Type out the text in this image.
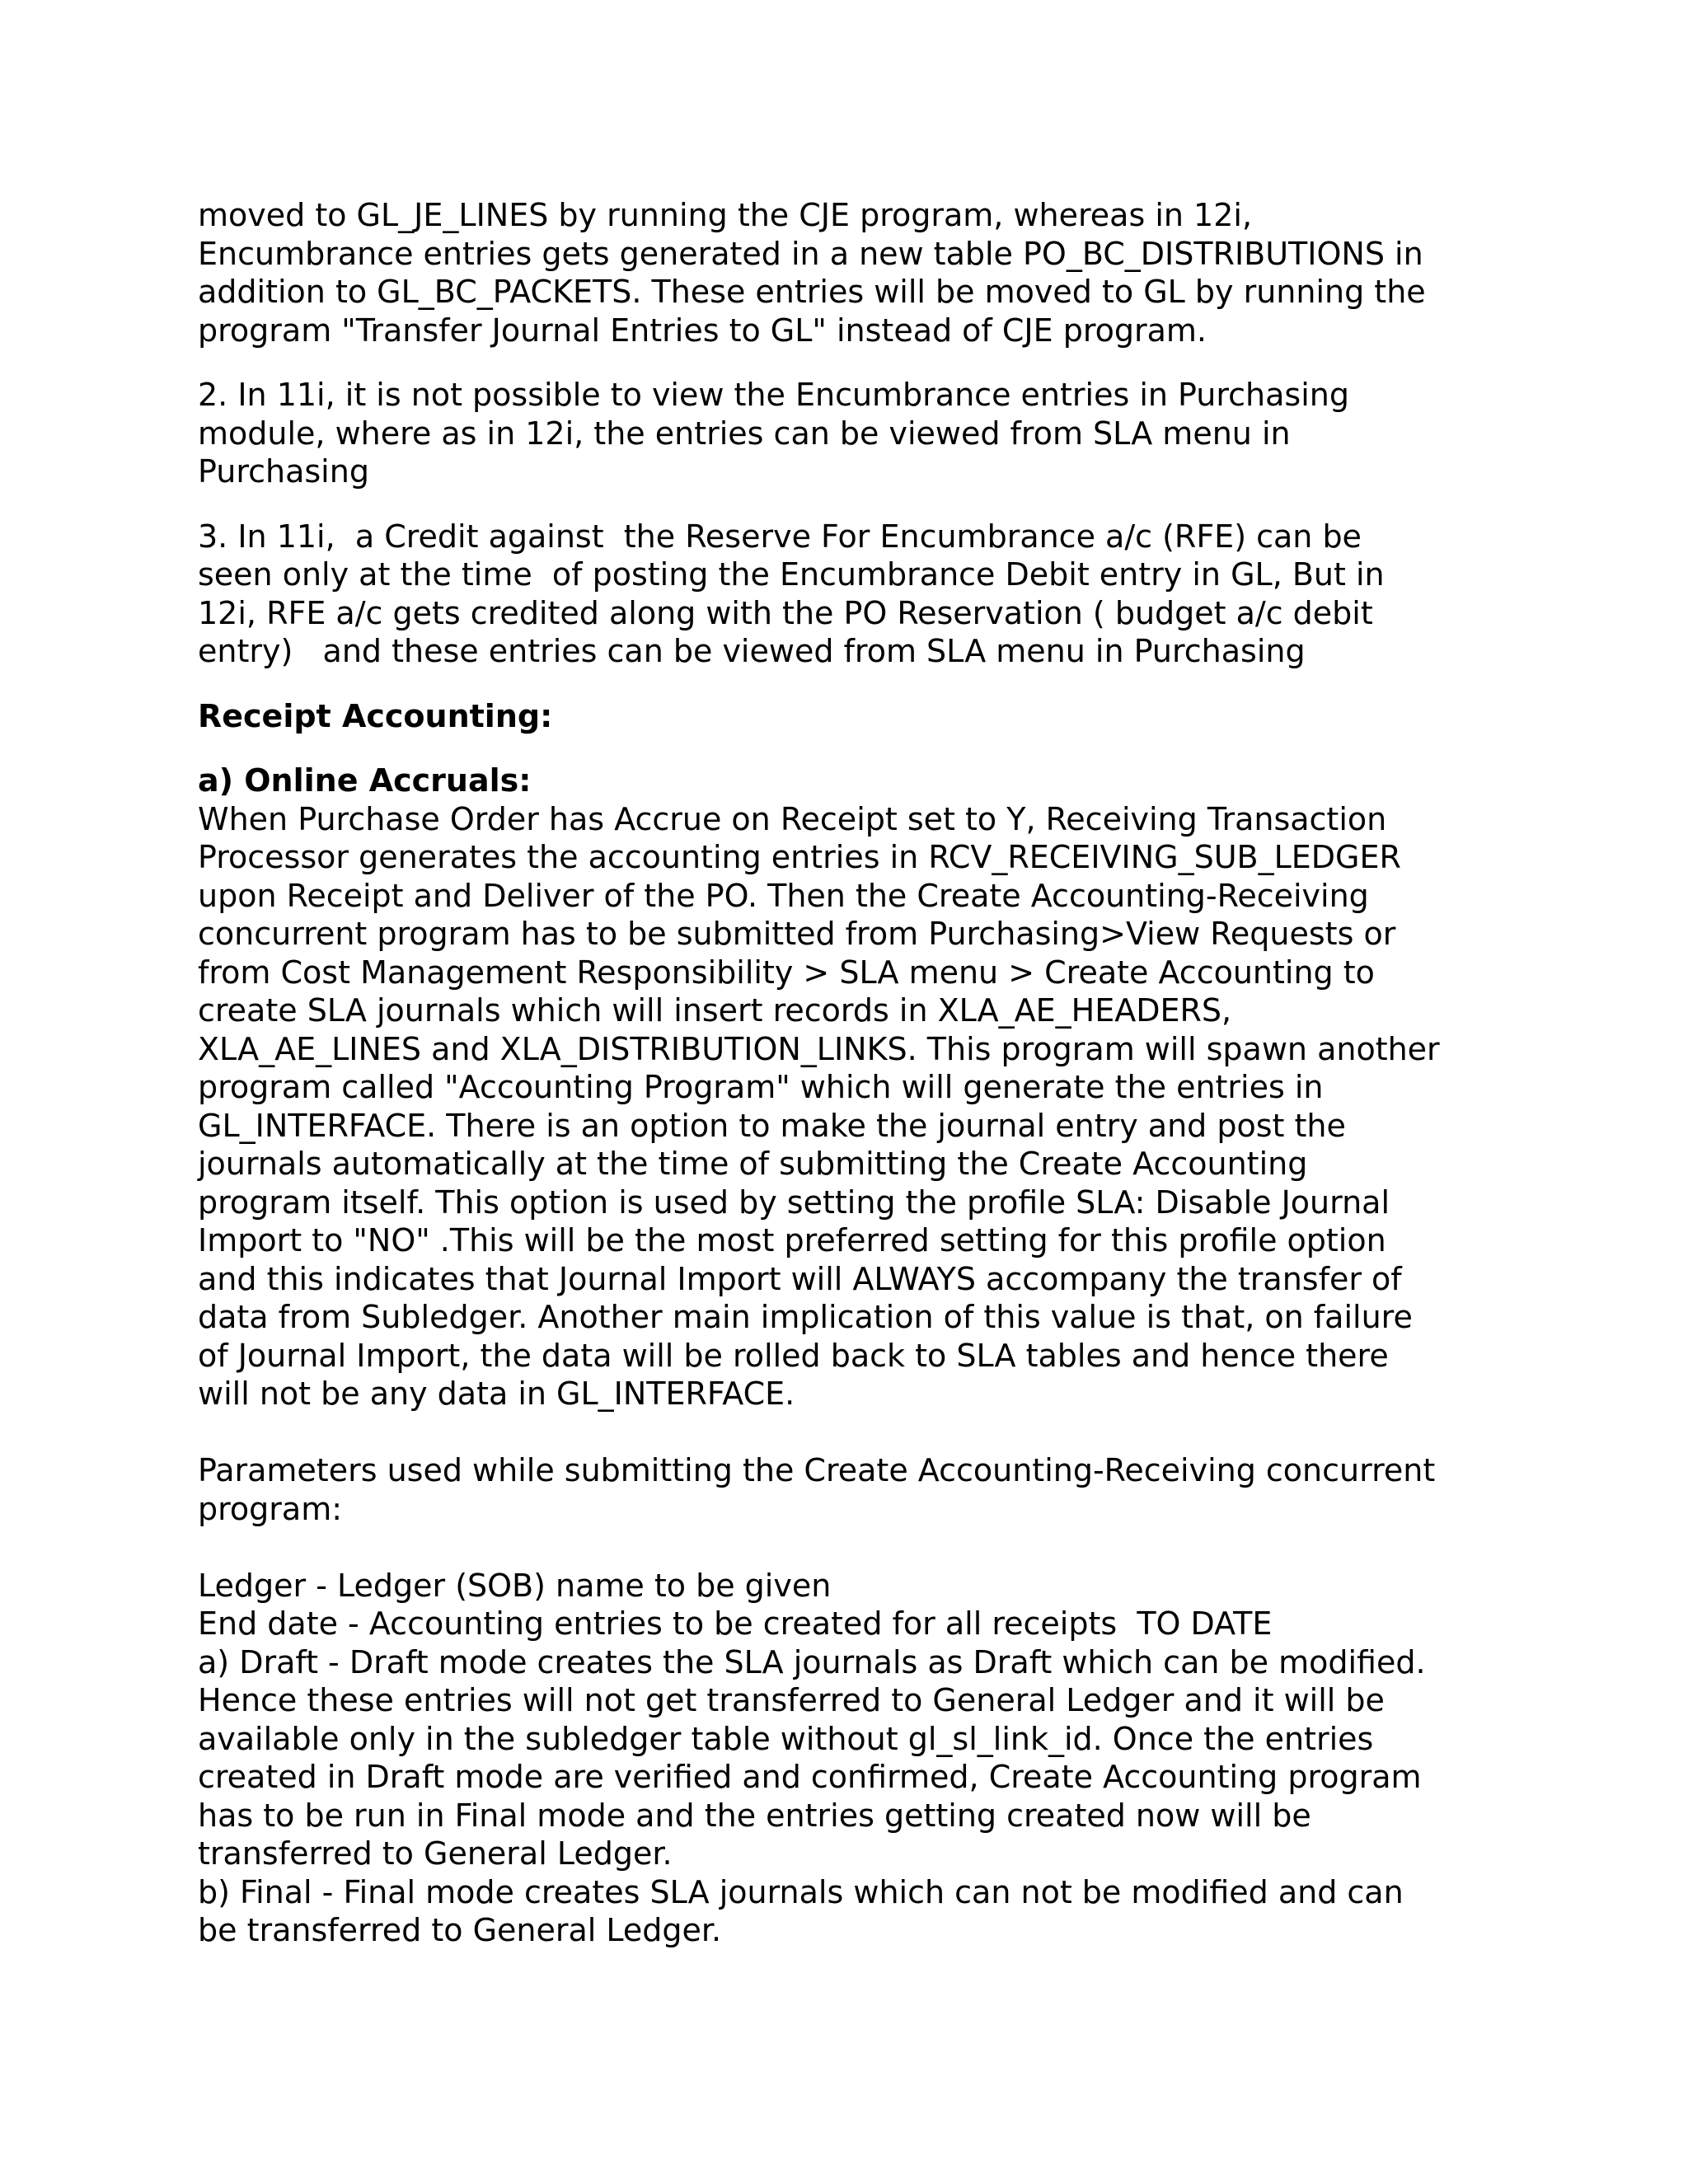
moved to GL_JE_LINES by running the CJE program, whereas in 12i,
Encumbrance entries gets generated in a new table PO_BC_DISTRIBUTIONS in
addition to GL_BC_PACKETS. These entries will be moved to GL by running the
program "Transfer Journal Entries to GL" instead of CJE program.
2. In 11i, it is not possible to view the Encumbrance entries in Purchasing
module, where as in 12i, the entries can be viewed from SLA menu in
Purchasing
3. In 11i,  a Credit against  the Reserve For Encumbrance a/c (RFE) can be
seen only at the time  of posting the Encumbrance Debit entry in GL, But in
12i, RFE a/c gets credited along with the PO Reservation ( budget a/c debit
entry)   and these entries can be viewed from SLA menu in Purchasing
Receipt Accounting:
a) Online Accruals:
When Purchase Order has Accrue on Receipt set to Y, Receiving Transaction
Processor generates the accounting entries in RCV_RECEIVING_SUB_LEDGER
upon Receipt and Deliver of the PO. Then the Create Accounting-Receiving
concurrent program has to be submitted from Purchasing>View Requests or
from Cost Management Responsibility > SLA menu > Create Accounting to
create SLA journals which will insert records in XLA_AE_HEADERS,
XLA_AE_LINES and XLA_DISTRIBUTION_LINKS. This program will spawn another
program called "Accounting Program" which will generate the entries in
GL_INTERFACE. There is an option to make the journal entry and post the
journals automatically at the time of submitting the Create Accounting
program itself. This option is used by setting the profile SLA: Disable Journal
Import to "NO" .This will be the most preferred setting for this profile option
and this indicates that Journal Import will ALWAYS accompany the transfer of
data from Subledger. Another main implication of this value is that, on failure
of Journal Import, the data will be rolled back to SLA tables and hence there
will not be any data in GL_INTERFACE.
Parameters used while submitting the Create Accounting-Receiving concurrent
program:
Ledger - Ledger (SOB) name to be given
End date - Accounting entries to be created for all receipts  TO DATE
a) Draft - Draft mode creates the SLA journals as Draft which can be modified.
Hence these entries will not get transferred to General Ledger and it will be
available only in the subledger table without gl_sl_link_id. Once the entries
created in Draft mode are verified and confirmed, Create Accounting program
has to be run in Final mode and the entries getting created now will be
transferred to General Ledger.
b) Final - Final mode creates SLA journals which can not be modified and can
be transferred to General Ledger.
